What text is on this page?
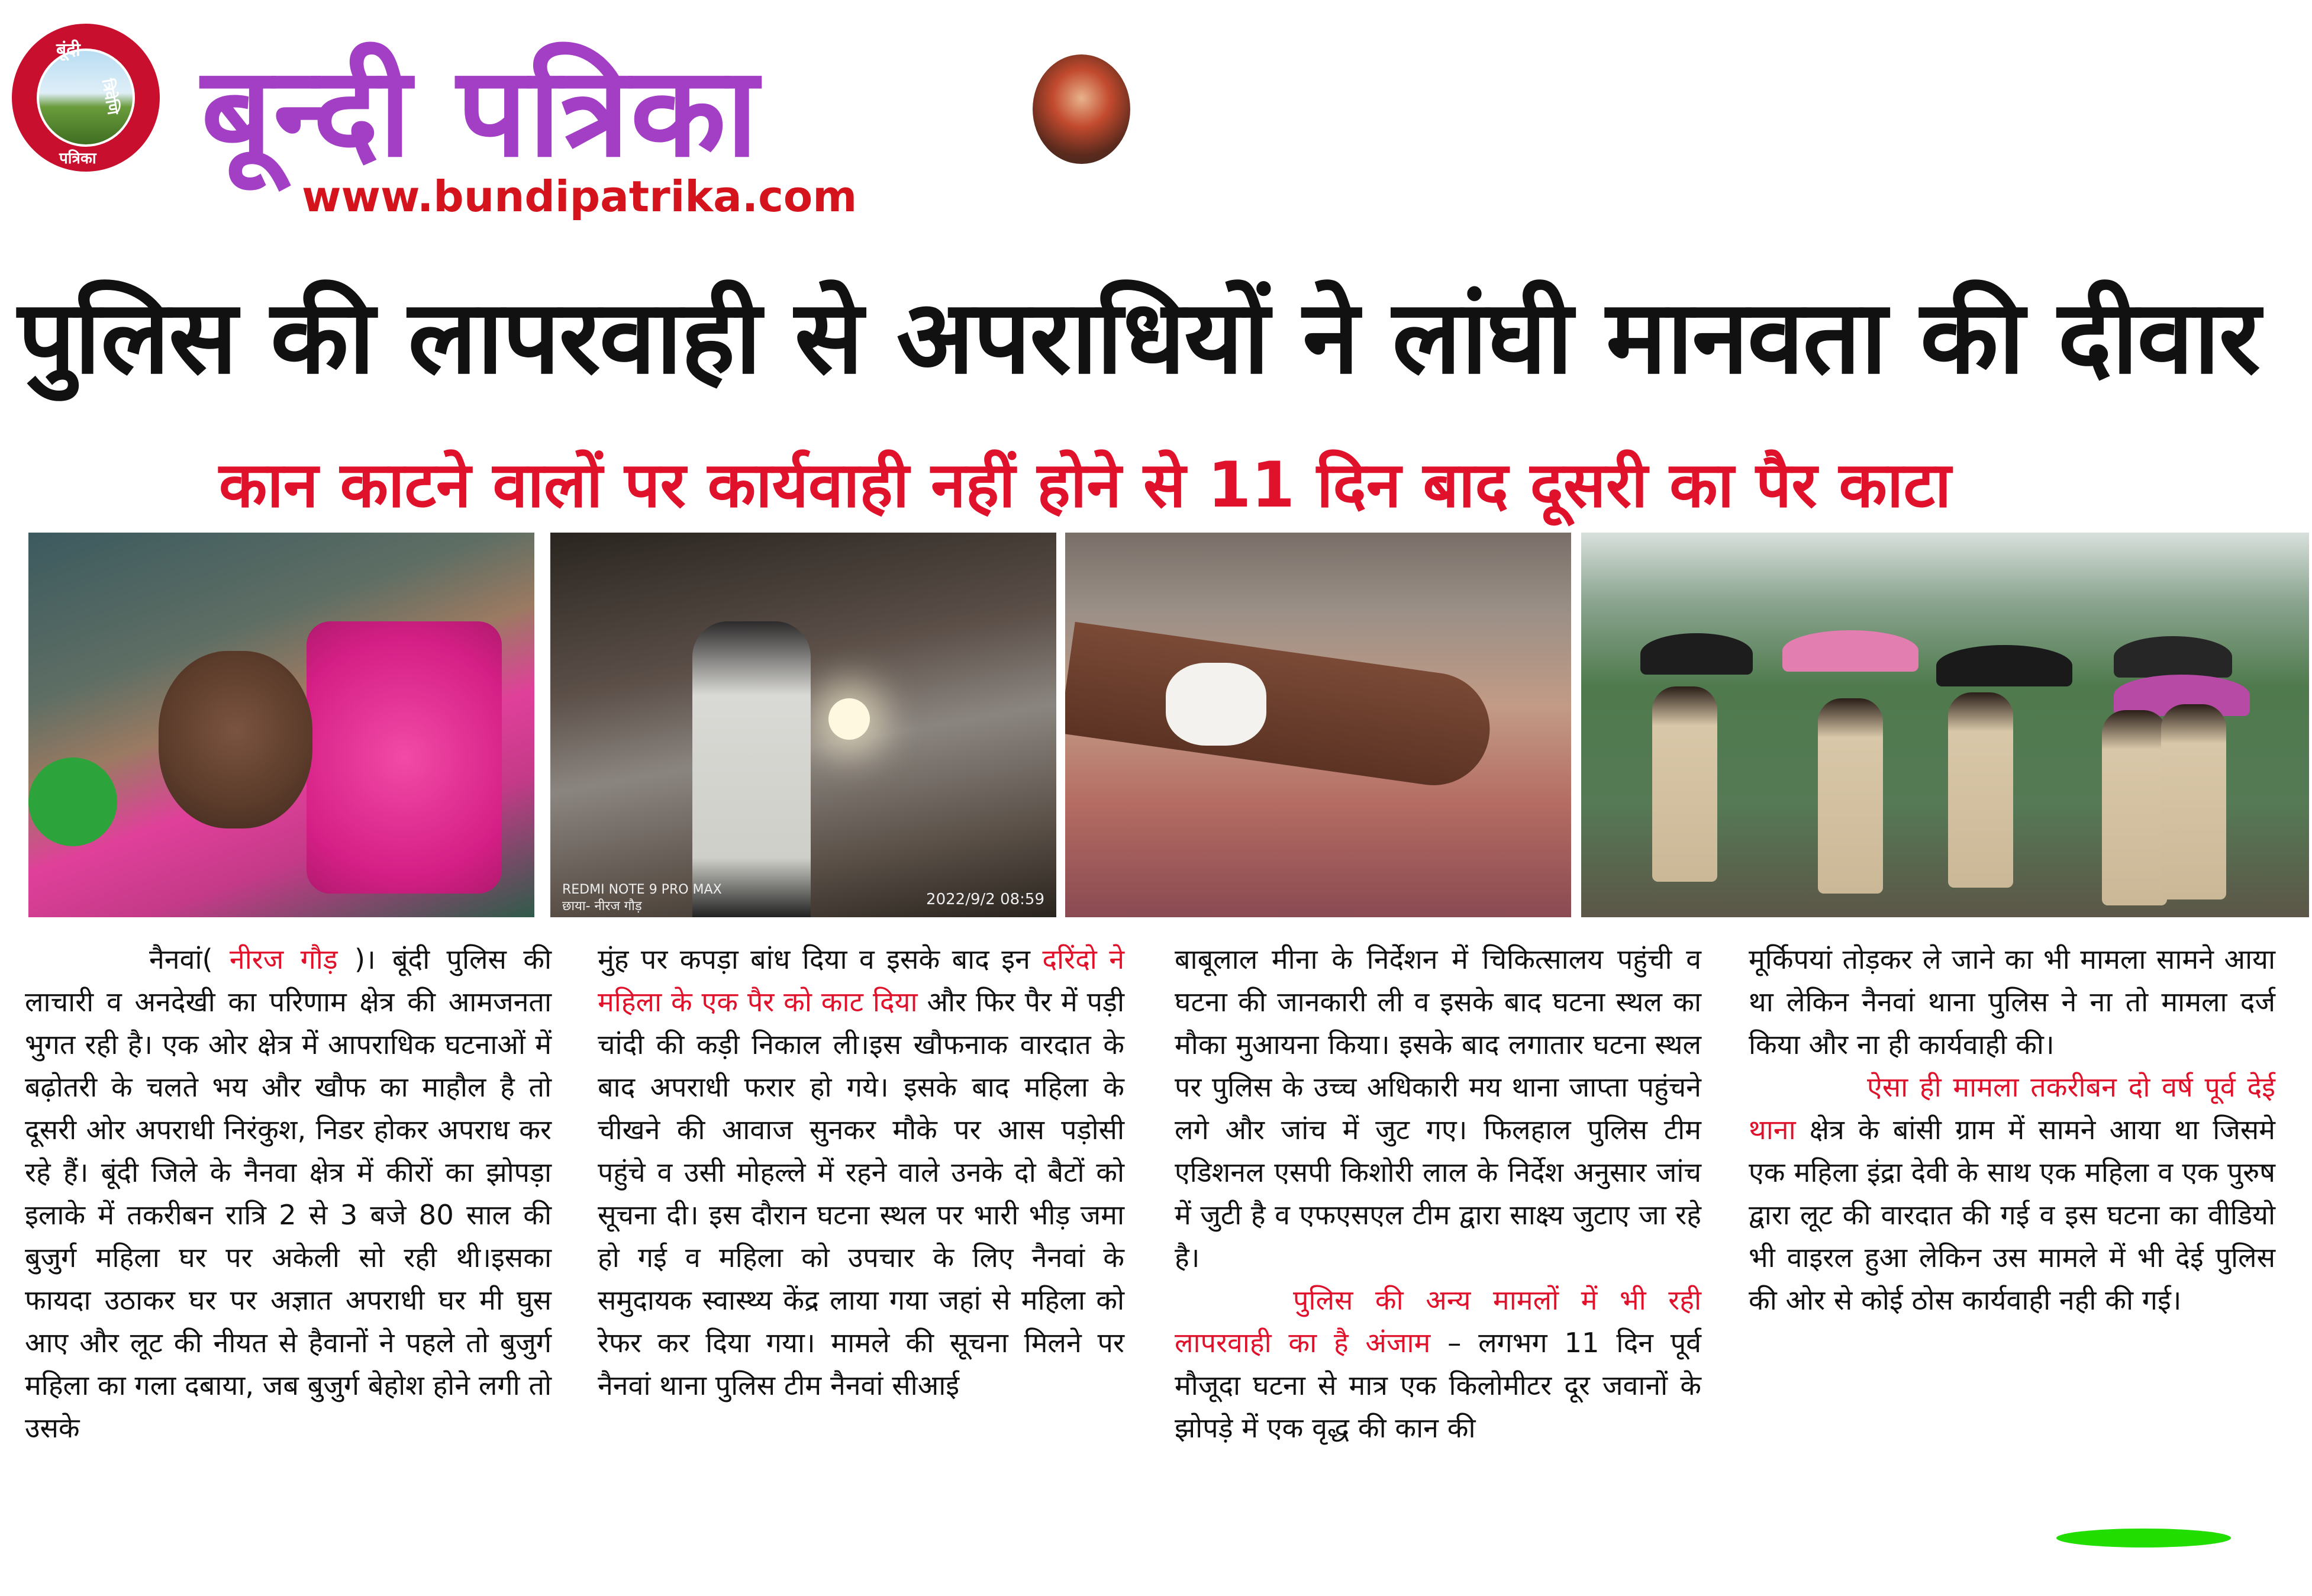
बूंदी
त्रिवेणि
पत्रिका बून्दी पत्रिका
www.bundipatrika.com
पुलिस की लापरवाही से अपराधियों ने लांघी मानवता की दीवार
कान काटने वालों पर कार्यवाही नहीं होने से 11 दिन बाद दूसरी का पैर काटा
REDMI NOTE 9 PRO MAX
छाया- नीरज गौड़	2022/9/2 08:59

नैनवां( नीरज गौड़ )। बूंदी पुलिस की लाचारी व अनदेखी का परिणाम क्षेत्र की आमजनता भुगत रही है। एक ओर क्षेत्र में आपराधिक घटनाओं में बढ़ोतरी के चलते भय और खौफ का माहौल है तो दूसरी ओर अपराधी निरंकुश, निडर होकर अपराध कर रहे हैं। बूंदी जिले के नैनवा क्षेत्र में कीरों का झोपड़ा इलाके में तकरीबन रात्रि 2 से 3 बजे 80 साल की बुजुर्ग महिला घर पर अकेली सो रही थी।इसका फायदा उठाकर घर पर अज्ञात अपराधी घर मी घुस आए और लूट की नीयत से हैवानों ने पहले तो बुजुर्ग महिला का गला दबाया, जब बुजुर्ग बेहोश होने लगी तो उसके

मुंह पर कपड़ा बांध दिया व इसके बाद इन दरिंदो ने महिला के एक पैर को काट दिया और फिर पैर में पड़ी चांदी की कड़ी निकाल ली।इस खौफनाक वारदात के बाद अपराधी फरार हो गये। इसके बाद महिला के चीखने की आवाज सुनकर मौके पर आस पड़ोसी पहुंचे व उसी मोहल्ले में रहने वाले उनके दो बैटों को सूचना दी। इस दौरान घटना स्थल पर भारी भीड़ जमा हो गई व महिला को उपचार के लिए नैनवां के समुदायक स्वास्थ्य केंद्र लाया गया जहां से महिला को रेफर कर दिया गया। मामले की सूचना मिलने पर नैनवां थाना पुलिस टीम नैनवां सीआई

बाबूलाल मीना के निर्देशन में चिकित्सालय पहुंची व घटना की जानकारी ली व इसके बाद घटना स्थल का मौका मुआयना किया। इसके बाद लगातार घटना स्थल पर पुलिस के उच्च अधिकारी मय थाना जाप्ता पहुंचने लगे और जांच में जुट गए। फिलहाल पुलिस टीम एडिशनल एसपी किशोरी लाल के निर्देश अनुसार जांच में जुटी है व एफएसएल टीम द्वारा साक्ष्य जुटाए जा रहे है।

पुलिस की अन्य मामलों में भी रही लापरवाही का है अंजाम – लगभग 11 दिन पूर्व मौजूदा घटना से मात्र एक किलोमीटर दूर जवानों के झोपड़े में एक वृद्ध की कान की

मूर्किपयां तोड़कर ले जाने का भी मामला सामने आया था लेकिन नैनवां थाना पुलिस ने ना तो मामला दर्ज किया और ना ही कार्यवाही की।

ऐसा ही मामला तकरीबन दो वर्ष पूर्व देई थाना क्षेत्र के बांसी ग्राम में सामने आया था जिसमे एक महिला इंद्रा देवी के साथ एक महिला व एक पुरुष द्वारा लूट की वारदात की गई व इस घटना का वीडियो भी वाइरल हुआ लेकिन उस मामले में भी देई पुलिस की ओर से कोई ठोस कार्यवाही नही की गई।
